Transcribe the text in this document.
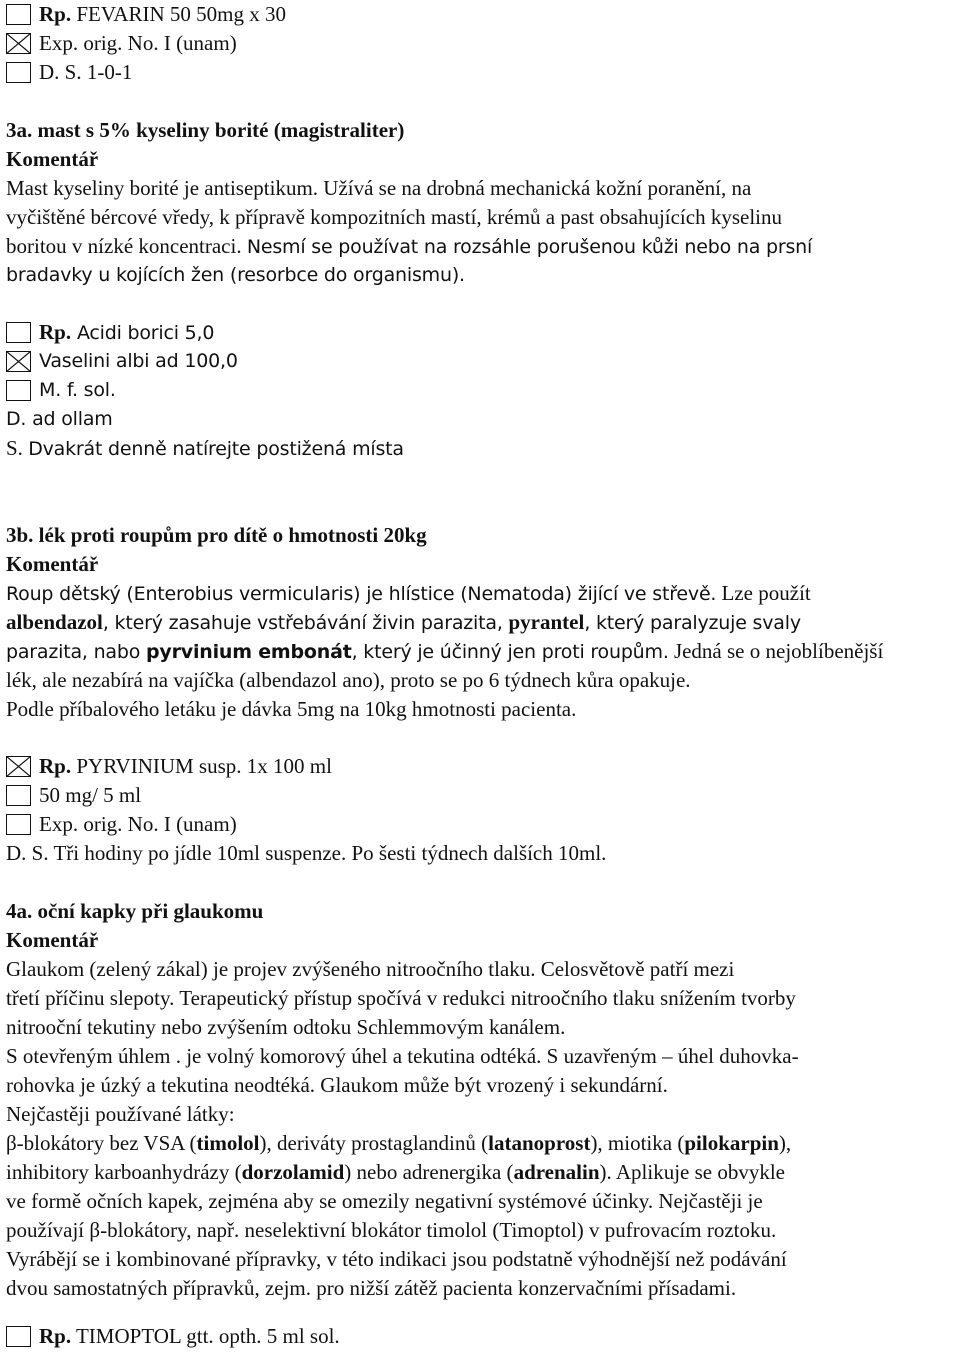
Rp. FEVARIN 50 50mg x 30
Exp. orig. No. I (unam)
D. S. 1-0-1
3a. mast s 5% kyseliny borité (magistraliter)
Komentář
Mast kyseliny borité je antiseptikum. Užívá se na drobná mechanická kožní poranění, na
vyčištěné bércové vředy, k přípravě kompozitních mastí, krémů a past obsahujících kyselinu
boritou v nízké koncentraci. Nesmí se používat na rozsáhle porušenou kůži nebo na prsní
bradavky u kojících žen (resorbce do organismu).
Rp. Acidi borici 5,0
Vaselini albi ad 100,0
M. f. sol.
D. ad ollam
S. Dvakrát denně natírejte postižená místa
3b. lék proti roupům pro dítě o hmotnosti 20kg
Komentář
Roup dětský (Enterobius vermicularis) je hlístice (Nematoda) žijící ve střevě. Lze použít
albendazol, který zasahuje vstřebávání živin parazita, pyrantel, který paralyzuje svaly
parazita, nabo pyrvinium embonát, který je účinný jen proti roupům. Jedná se o nejoblíbenější
lék, ale nezabírá na vajíčka (albendazol ano), proto se po 6 týdnech kůra opakuje.
Podle příbalového letáku je dávka 5mg na 10kg hmotnosti pacienta.
Rp. PYRVINIUM susp. 1x 100 ml
50 mg/ 5 ml
Exp. orig. No. I (unam)
D. S. Tři hodiny po jídle 10ml suspenze. Po šesti týdnech dalších 10ml.
4a. oční kapky při glaukomu
Komentář
Glaukom (zelený zákal) je projev zvýšeného nitroočního tlaku. Celosvětově patří mezi
třetí příčinu slepoty. Terapeutický přístup spočívá v redukci nitroočního tlaku snížením tvorby
nitrooční tekutiny nebo zvýšením odtoku Schlemmovým kanálem.
S otevřeným úhlem . je volný komorový úhel a tekutina odtéká. S uzavřeným – úhel duhovka-
rohovka je úzký a tekutina neodtéká. Glaukom může být vrozený i sekundární.
Nejčastěji používané látky:
β-blokátory bez VSA (timolol), deriváty prostaglandinů (latanoprost), miotika (pilokarpin),
inhibitory karboanhydrázy (dorzolamid) nebo adrenergika (adrenalin). Aplikuje se obvykle
ve formě očních kapek, zejména aby se omezily negativní systémové účinky. Nejčastěji je
používají β-blokátory, např. neselektivní blokátor timolol (Timoptol) v pufrovacím roztoku.
Vyrábějí se i kombinované přípravky, v této indikaci jsou podstatně výhodnější než podávání
dvou samostatných přípravků, zejm. pro nižší zátěž pacienta konzervačními přísadami.
Rp. TIMOPTOL gtt. opth. 5 ml sol.
